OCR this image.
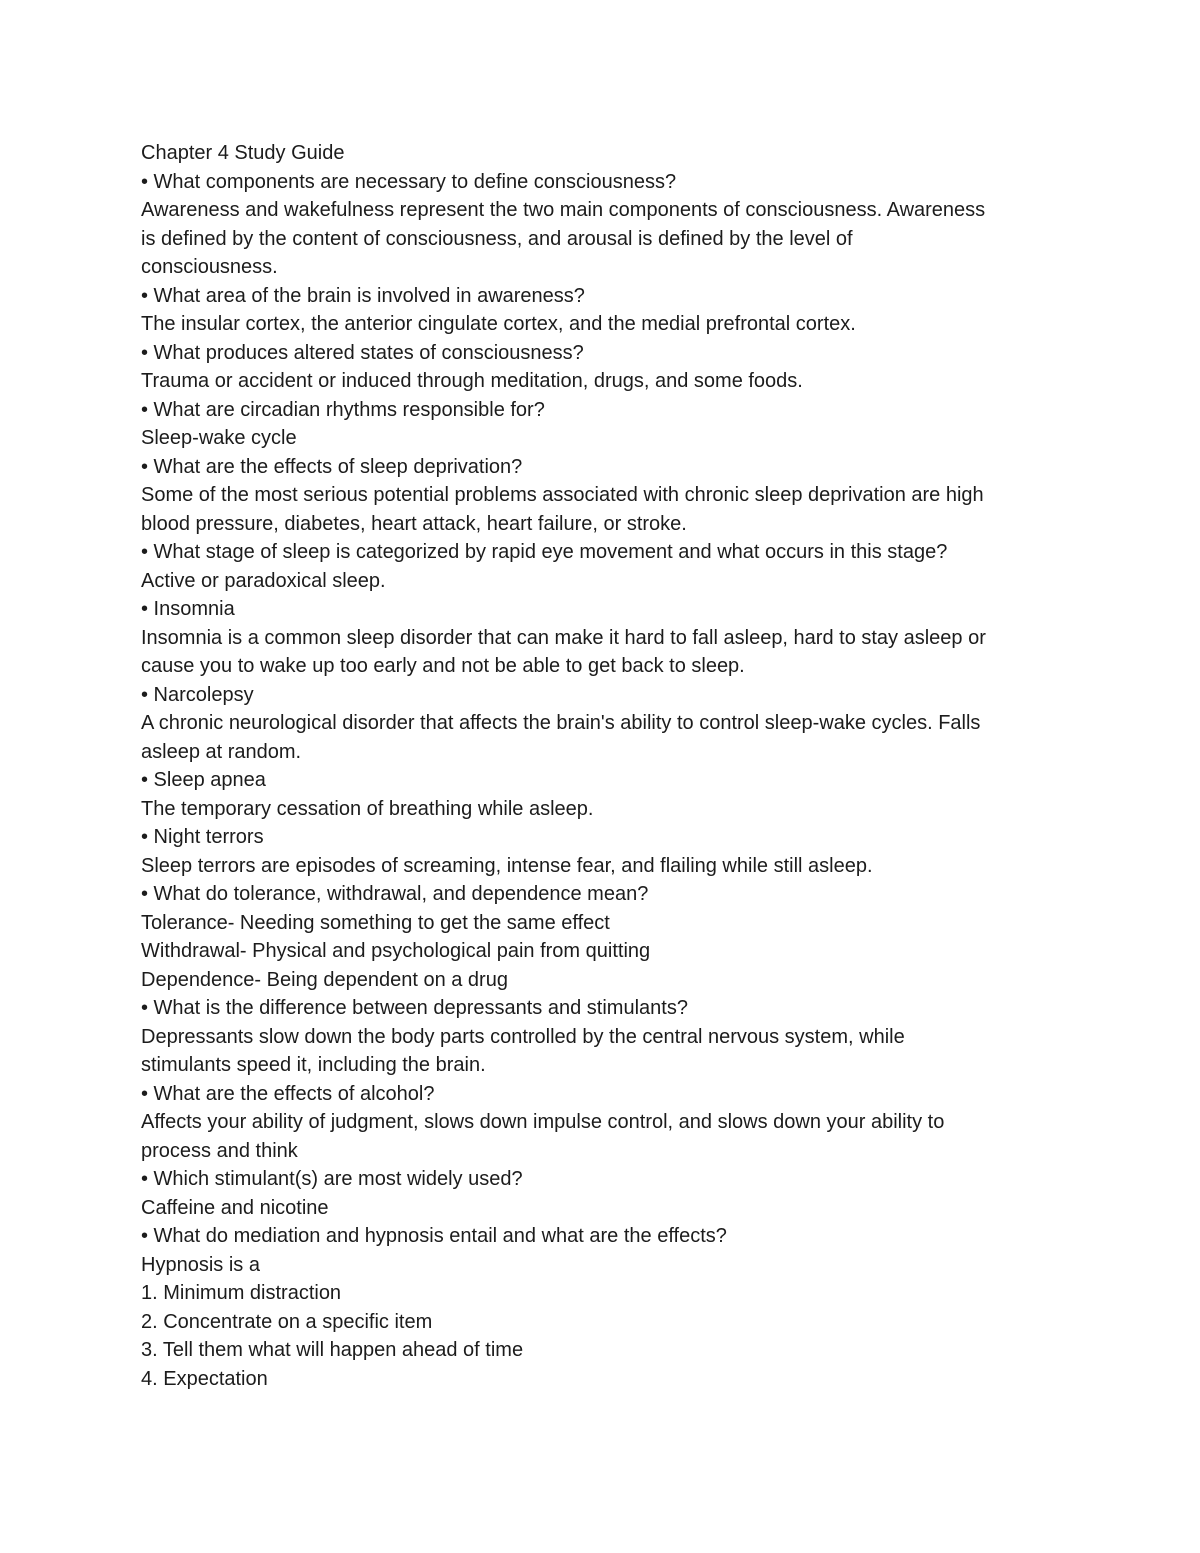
Chapter 4 Study Guide
• What components are necessary to define consciousness?
Awareness and wakefulness represent the two main components of consciousness. Awareness
is defined by the content of consciousness, and arousal is defined by the level of
consciousness.
• What area of the brain is involved in awareness?
The insular cortex, the anterior cingulate cortex, and the medial prefrontal cortex.
• What produces altered states of consciousness?
Trauma or accident or induced through meditation, drugs, and some foods.
• What are circadian rhythms responsible for?
Sleep-wake cycle
• What are the effects of sleep deprivation?
Some of the most serious potential problems associated with chronic sleep deprivation are high
blood pressure, diabetes, heart attack, heart failure, or stroke.
• What stage of sleep is categorized by rapid eye movement and what occurs in this stage?
Active or paradoxical sleep.
• Insomnia
Insomnia is a common sleep disorder that can make it hard to fall asleep, hard to stay asleep or
cause you to wake up too early and not be able to get back to sleep.
• Narcolepsy
A chronic neurological disorder that affects the brain's ability to control sleep-wake cycles. Falls
asleep at random.
• Sleep apnea
The temporary cessation of breathing while asleep.
• Night terrors
Sleep terrors are episodes of screaming, intense fear, and flailing while still asleep.
• What do tolerance, withdrawal, and dependence mean?
Tolerance- Needing something to get the same effect
Withdrawal- Physical and psychological pain from quitting
Dependence- Being dependent on a drug
• What is the difference between depressants and stimulants?
Depressants slow down the body parts controlled by the central nervous system, while
stimulants speed it, including the brain.
• What are the effects of alcohol?
Affects your ability of judgment, slows down impulse control, and slows down your ability to
process and think
• Which stimulant(s) are most widely used?
Caffeine and nicotine
• What do mediation and hypnosis entail and what are the effects?
Hypnosis is a
1. Minimum distraction
2. Concentrate on a specific item
3. Tell them what will happen ahead of time
4. Expectation
